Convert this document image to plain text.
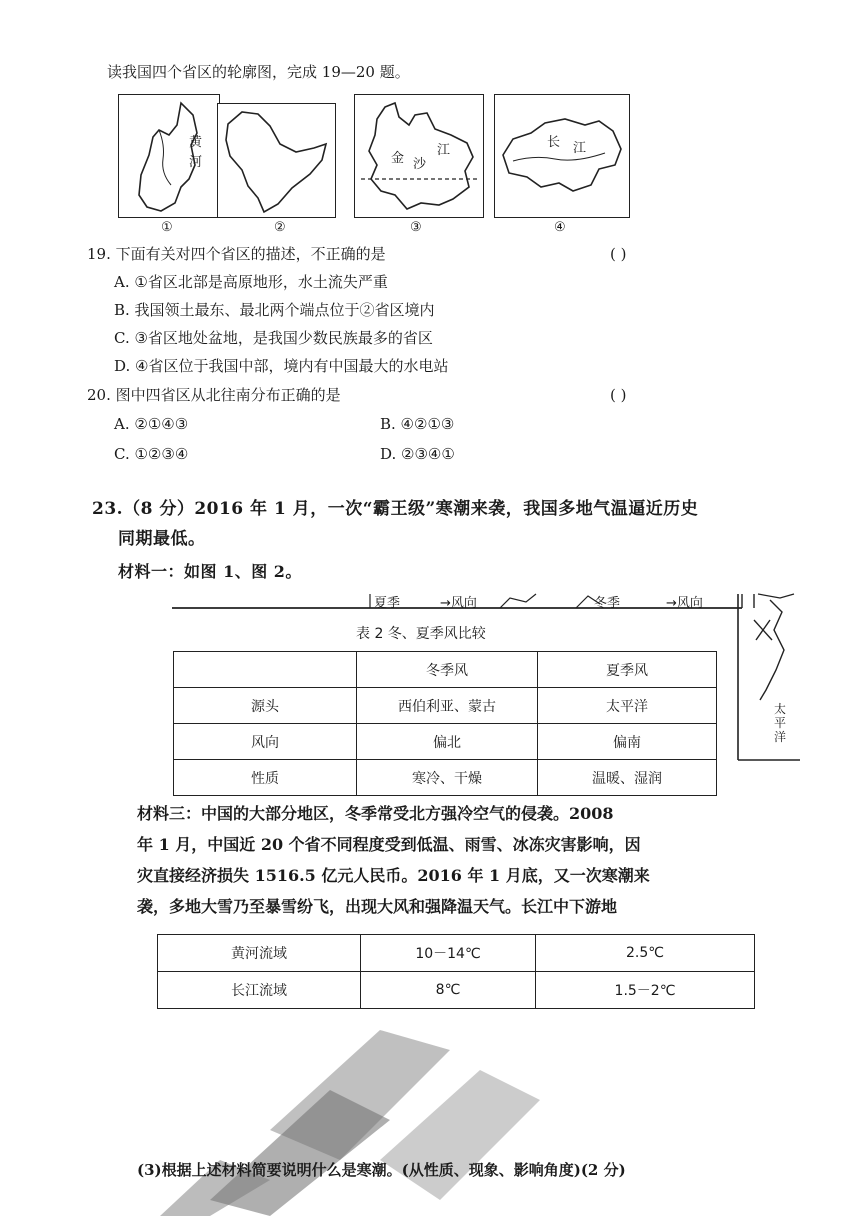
读我国四个省区的轮廓图，完成 19—20 题。
黄
河
①	②
金 沙
江
③
长 江
④
19. 下面有关对四个省区的描述，不正确的是	( )
A. ①省区北部是高原地形，水土流失严重
B. 我国领土最东、最北两个端点位于②省区境内
C. ③省区地处盆地，是我国少数民族最多的省区
D. ④省区位于我国中部，境内有中国最大的水电站
20. 图中四省区从北往南分布正确的是	( )
A. ②①④③	B. ④②①③
C. ①②③④	D. ②③④①
23.（8 分）2016 年 1 月，一次“霸王级”寒潮来袭，我国多地气温逼近历史
同期最低。
材料一：如图 1、图 2。
夏季	→风向	冬季	→风向
太
平
洋
表 2 冬、夏季风比较
	冬季风	夏季风
源头	西伯利亚、蒙古	太平洋
风向	偏北	偏南
性质	寒冷、干燥	温暖、湿润
材料三：中国的大部分地区，冬季常受北方强冷空气的侵袭。2008
年 1 月，中国近 20 个省不同程度受到低温、雨雪、冰冻灾害影响，因
灾直接经济损失 1516.5 亿元人民币。2016 年 1 月底，又一次寒潮来
袭，多地大雪乃至暴雪纷飞，出现大风和强降温天气。长江中下游地
黄河流域	10－14℃	2.5℃
长江流域	8℃	1.5－2℃
(3)根据上述材料简要说明什么是寒潮。(从性质、现象、影响角度)(2 分)
